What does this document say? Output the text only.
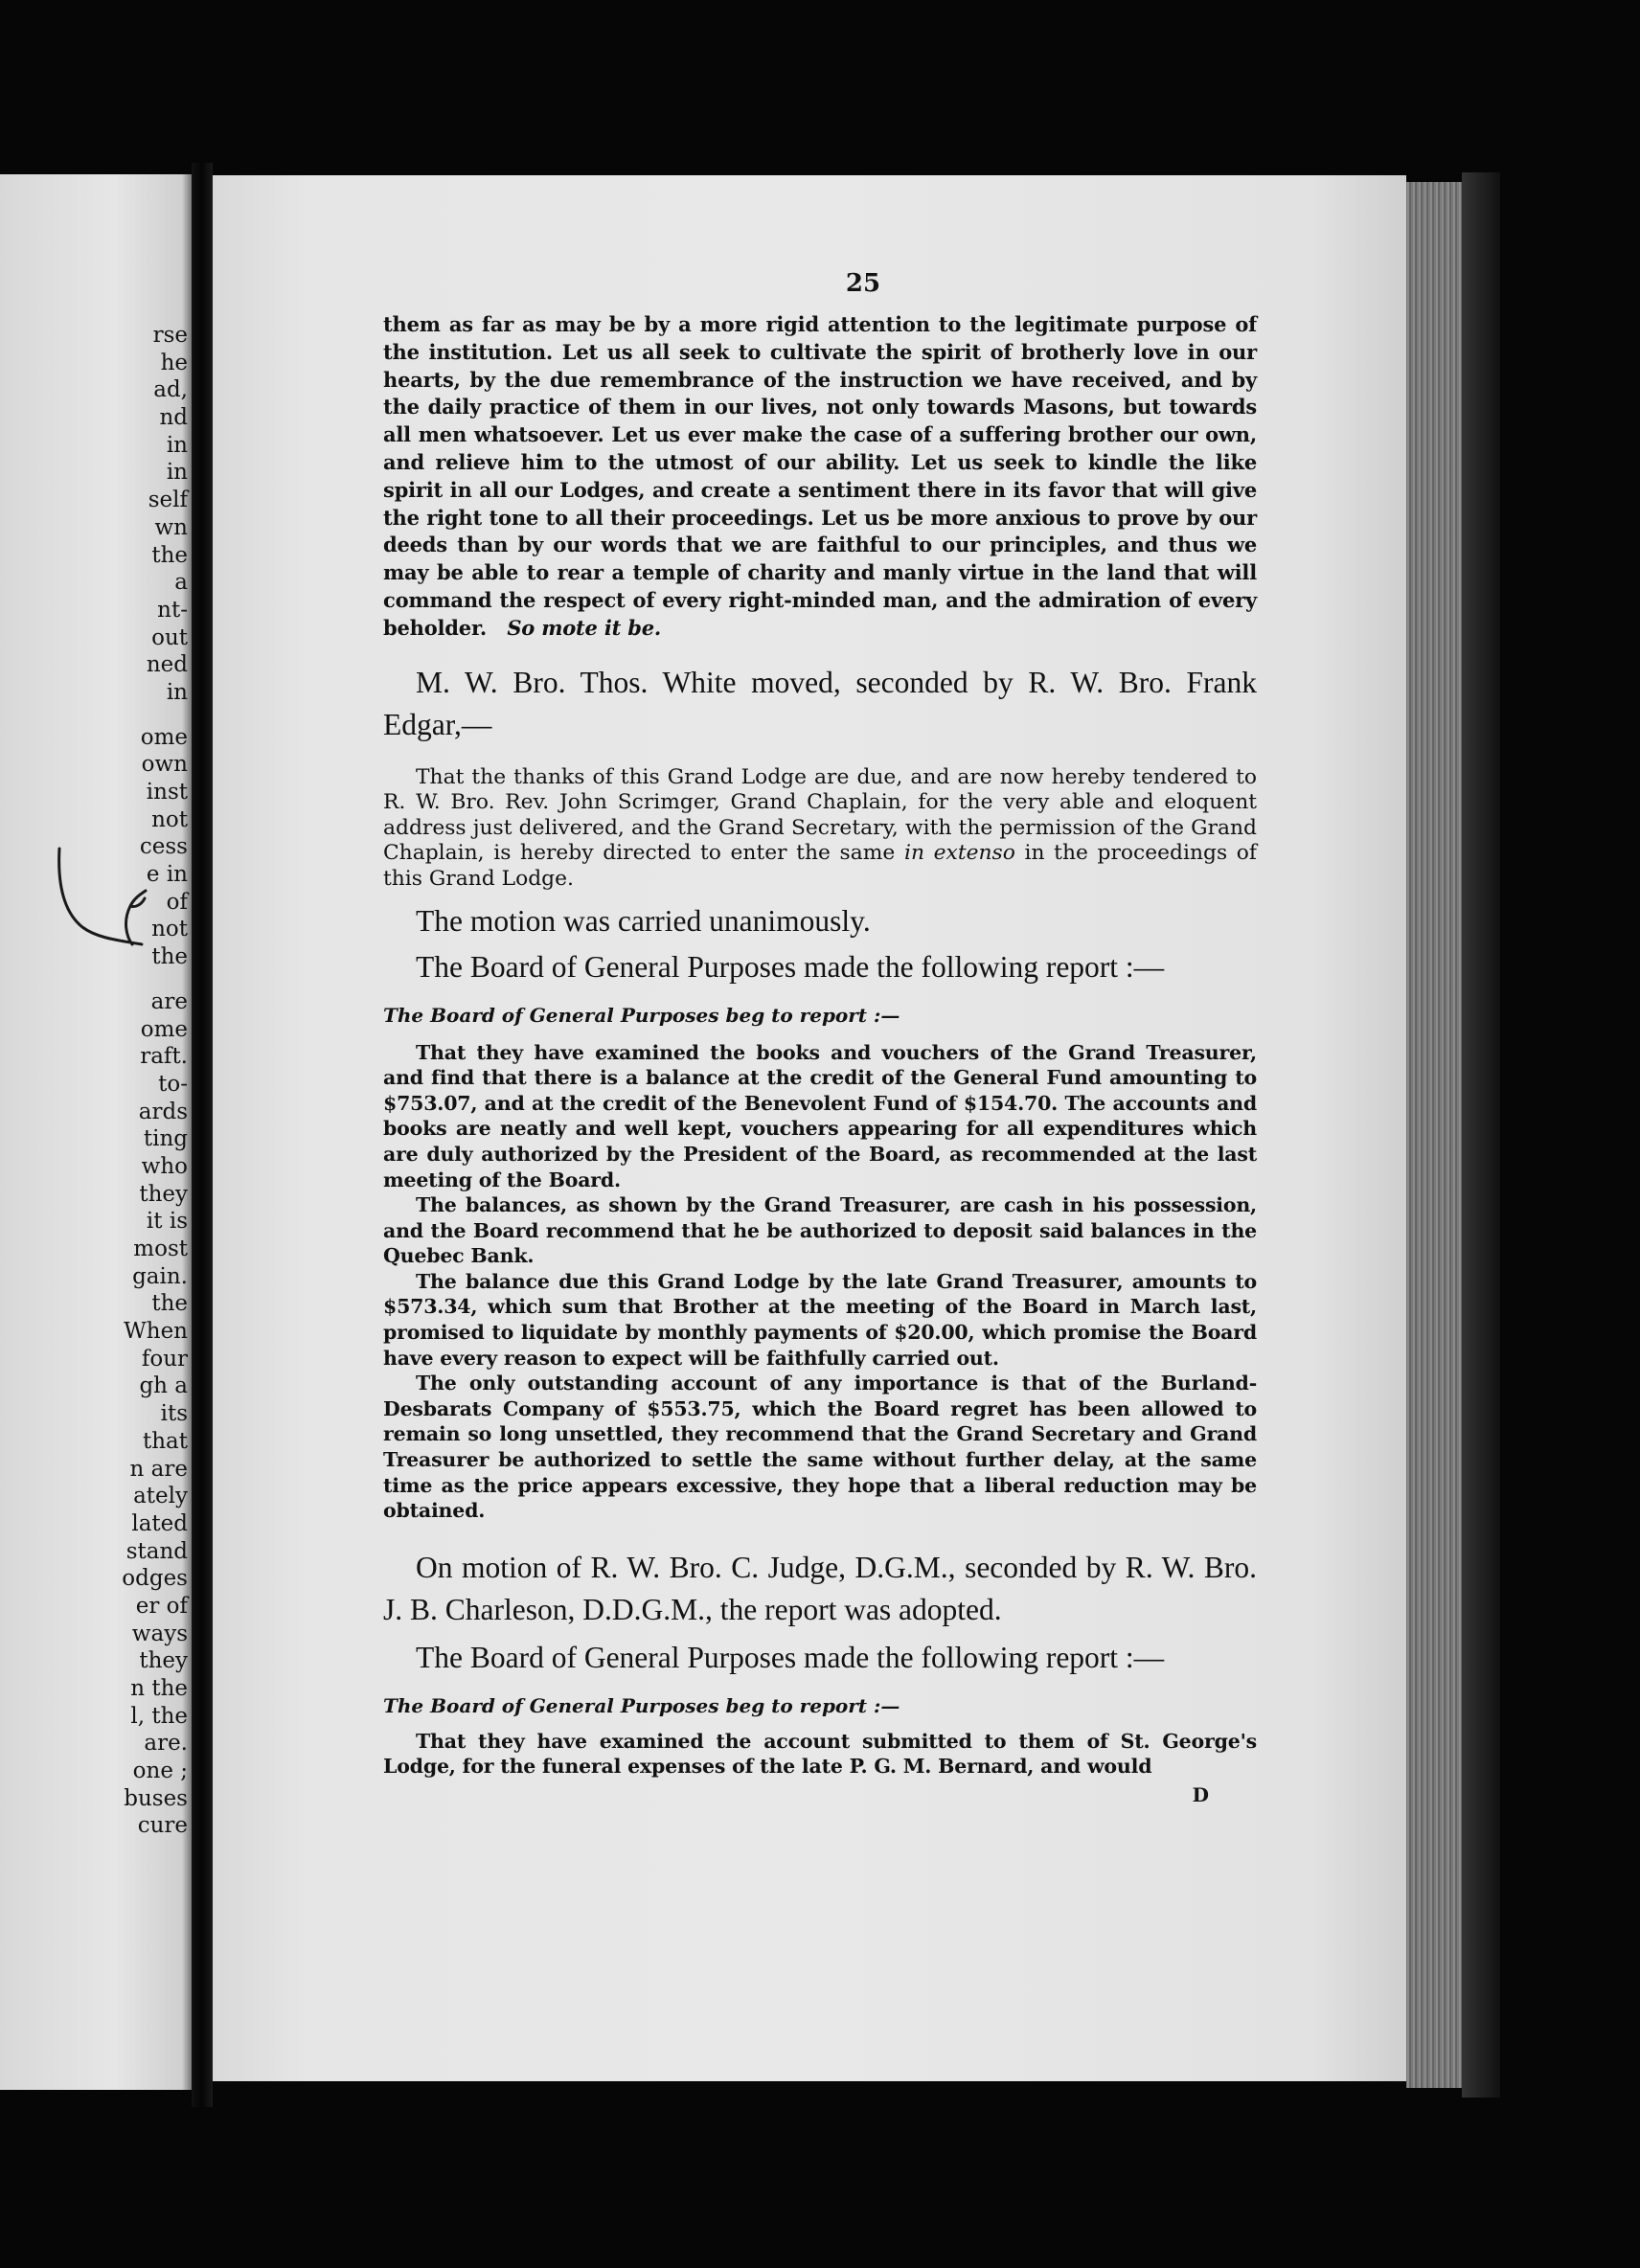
rse
he
ad,
nd
in
in
self
wn
the
a
nt-
out
ned
in
ome
own
inst
not
cess
e in
of
not
the
are
ome
raft.
to-
ards
ting
who
they
it is
most
gain.
the
When
four
gh a
its
that
n are
ately
lated
stand
odges
er of
ways
they
n the
l, the
are.
one ;
buses
cure
25

them as far as may be by a more rigid attention to the legitimate purpose of the institution. Let us all seek to cultivate the spirit of brotherly love in our hearts, by the due remembrance of the instruction we have received, and by the daily practice of them in our lives, not only towards Masons, but towards all men whatsoever. Let us ever make the case of a suffering brother our own, and relieve him to the utmost of our ability. Let us seek to kindle the like spirit in all our Lodges, and create a sentiment there in its favor that will give the right tone to all their proceedings. Let us be more anxious to prove by our deeds than by our words that we are faithful to our principles, and thus we may be able to rear a temple of charity and manly virtue in the land that will command the respect of every right-minded man, and the admiration of every beholder. So mote it be.

M. W. Bro. Thos. White moved, seconded by R. W. Bro. Frank Edgar,—

That the thanks of this Grand Lodge are due, and are now hereby tendered to R. W. Bro. Rev. John Scrimger, Grand Chaplain, for the very able and eloquent address just delivered, and the Grand Secretary, with the permission of the Grand Chaplain, is hereby directed to enter the same in extenso in the proceedings of this Grand Lodge.

The motion was carried unanimously.

The Board of General Purposes made the following report :—

The Board of General Purposes beg to report :—

That they have examined the books and vouchers of the Grand Treasurer, and find that there is a balance at the credit of the General Fund amounting to $753.07, and at the credit of the Benevolent Fund of $154.70. The accounts and books are neatly and well kept, vouchers appearing for all expenditures which are duly authorized by the President of the Board, as recommended at the last meeting of the Board.

The balances, as shown by the Grand Treasurer, are cash in his possession, and the Board recommend that he be authorized to deposit said balances in the Quebec Bank.

The balance due this Grand Lodge by the late Grand Treasurer, amounts to $573.34, which sum that Brother at the meeting of the Board in March last, promised to liquidate by monthly payments of $20.00, which promise the Board have every reason to expect will be faithfully carried out.

The only outstanding account of any importance is that of the Burland-Desbarats Company of $553.75, which the Board regret has been allowed to remain so long unsettled, they recommend that the Grand Secretary and Grand Treasurer be authorized to settle the same without further delay, at the same time as the price appears excessive, they hope that a liberal reduction may be obtained.

On motion of R. W. Bro. C. Judge, D.G.M., seconded by R. W. Bro. J. B. Charleson, D.D.G.M., the report was adopted.

The Board of General Purposes made the following report :—

The Board of General Purposes beg to report :—

That they have examined the account submitted to them of St. George's Lodge, for the funeral expenses of the late P. G. M. Bernard, and would

D
